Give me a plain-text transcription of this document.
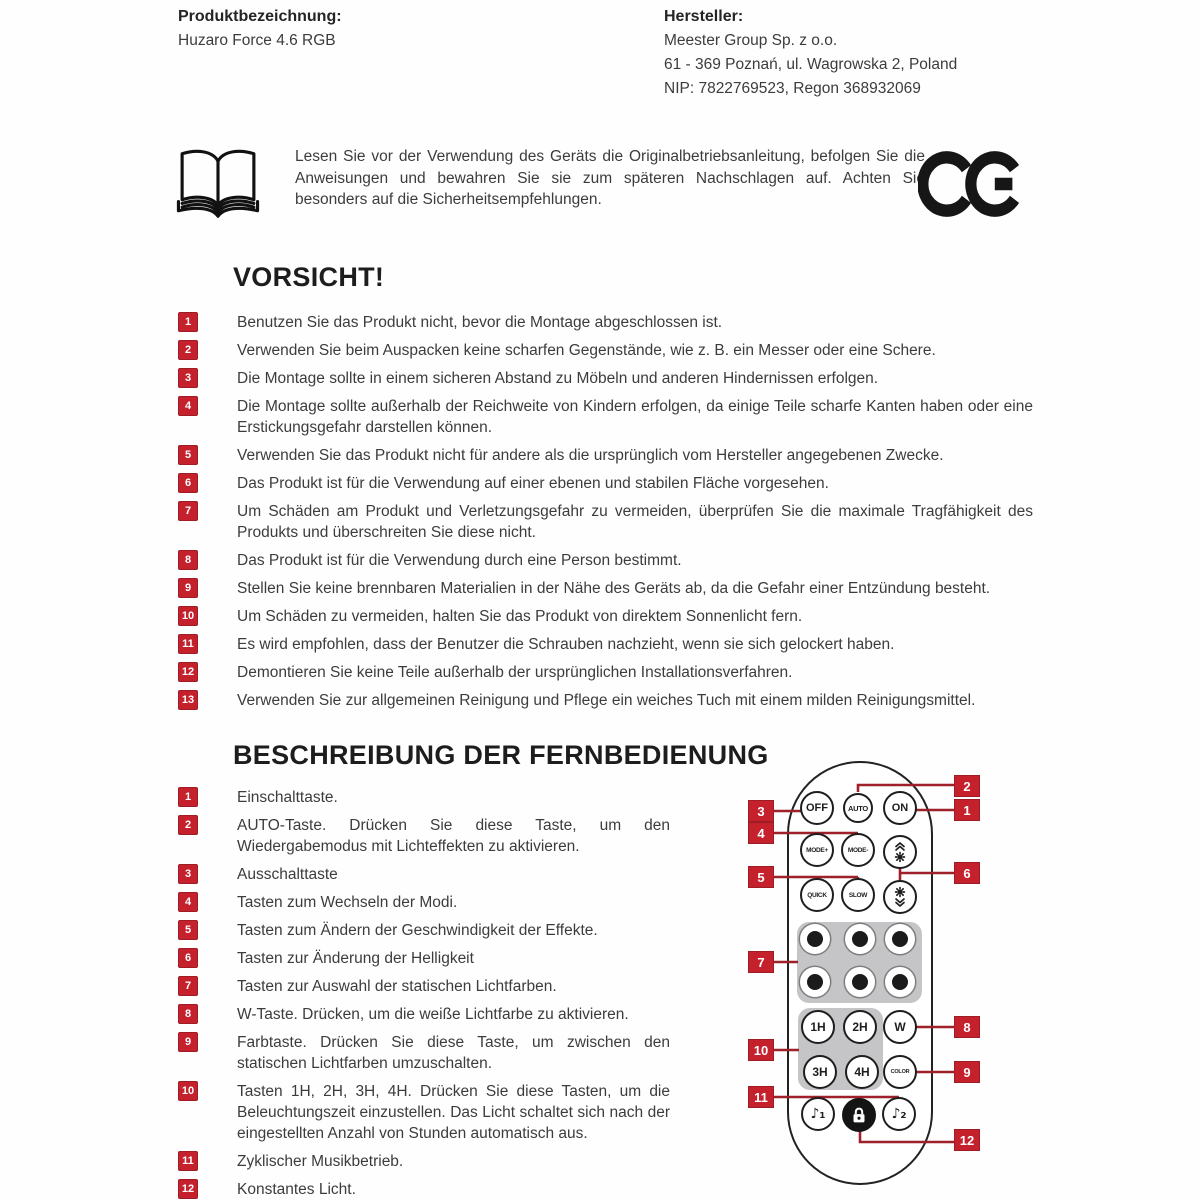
Produktbezeichnung:
Huzaro Force 4.6 RGB
Hersteller:
Meester Group Sp. z o.o.
61 - 369 Poznań, ul. Wagrowska 2, Poland
NIP: 7822769523, Regon 368932069
Lesen Sie vor der Verwendung des Geräts die Originalbetriebsanleitung, befolgen Sie die Anweisungen und bewahren Sie sie zum späteren Nachschlagen auf. Achten Sie besonders auf die Sicherheitsempfehlungen.
VORSICHT!
1	Benutzen Sie das Produkt nicht, bevor die Montage abgeschlossen ist.
2	Verwenden Sie beim Auspacken keine scharfen Gegenstände, wie z. B. ein Messer oder eine Schere.
3	Die Montage sollte in einem sicheren Abstand zu Möbeln und anderen Hindernissen erfolgen.
4	Die Montage sollte außerhalb der Reichweite von Kindern erfolgen, da einige Teile scharfe Kanten haben oder eine Erstickungsgefahr darstellen können.
5	Verwenden Sie das Produkt nicht für andere als die ursprünglich vom Hersteller angegebenen Zwecke.
6	Das Produkt ist für die Verwendung auf einer ebenen und stabilen Fläche vorgesehen.
7	Um Schäden am Produkt und Verletzungsgefahr zu vermeiden, überprüfen Sie die maximale Tragfähigkeit des Produkts und überschreiten Sie diese nicht.
8	Das Produkt ist für die Verwendung durch eine Person bestimmt.
9	Stellen Sie keine brennbaren Materialien in der Nähe des Geräts ab, da die Gefahr einer Entzündung besteht.
10	Um Schäden zu vermeiden, halten Sie das Produkt von direktem Sonnenlicht fern.
11	Es wird empfohlen, dass der Benutzer die Schrauben nachzieht, wenn sie sich gelockert haben.
12	Demontieren Sie keine Teile außerhalb der ursprünglichen Installationsverfahren.
13	Verwenden Sie zur allgemeinen Reinigung und Pflege ein weiches Tuch mit einem milden Reinigungsmittel.
BESCHREIBUNG DER FERNBEDIENUNG
1	Einschalttaste.
2	AUTO-Taste. Drücken Sie diese Taste, um den Wiedergabemodus mit Lichteffekten zu aktivieren.
3	Ausschalttaste
4	Tasten zum Wechseln der Modi.
5	Tasten zum Ändern der Geschwindigkeit der Effekte.
6	Tasten zur Änderung der Helligkeit
7	Tasten zur Auswahl der statischen Lichtfarben.
8	W-Taste. Drücken, um die weiße Lichtfarbe zu aktivieren.
9	Farbtaste. Drücken Sie diese Taste, um zwischen den statischen Lichtfarben umzuschalten.
10	Tasten 1H, 2H, 3H, 4H. Drücken Sie diese Tasten, um die Beleuchtungszeit einzustellen. Das Licht schaltet sich nach der eingestellten Anzahl von Stunden automatisch aus.
11	Zyklischer Musikbetrieb.
12	Konstantes Licht.
OFF	AUTO	ON
MODE+	MODE-
QUICK	SLOW
1H	2H	W
3H	4H	COLOR
♪₁	♪₂
3
4
5
7
10
11
2
1
6
8
9
12
